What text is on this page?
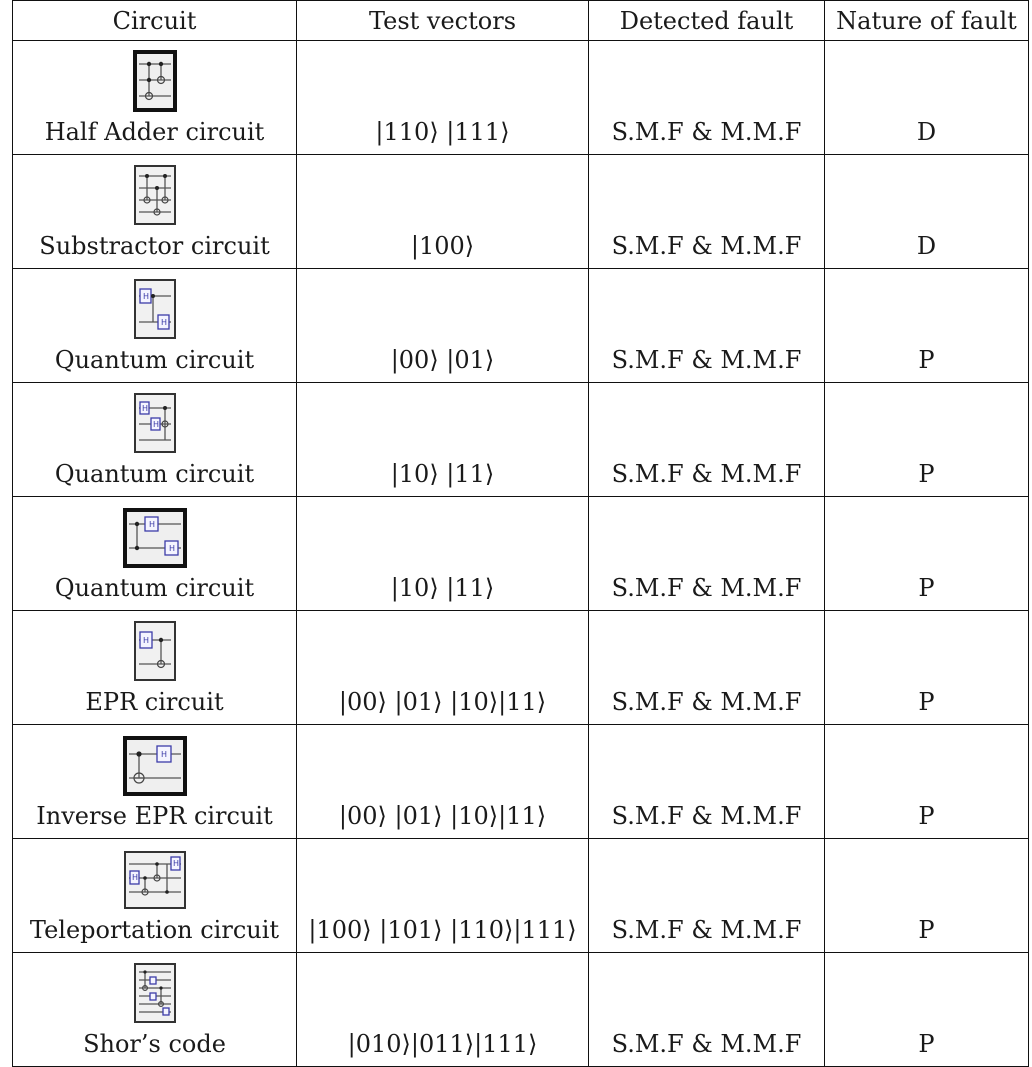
Circuit	Test vectors	Detected fault	Nature of fault

Half Adder circuit	|110⟩ |111⟩	S.M.F & M.M.F	D

Substractor circuit	|100⟩	S.M.F & M.M.F	D

H
H
Quantum circuit	|00⟩ |01⟩	S.M.F & M.M.F	P

H
H
Quantum circuit	|10⟩ |11⟩	S.M.F & M.M.F	P

H
H
Quantum circuit	|10⟩ |11⟩	S.M.F & M.M.F	P

H
EPR circuit	|00⟩ |01⟩ |10⟩|11⟩	S.M.F & M.M.F	P

H
Inverse EPR circuit	|00⟩ |01⟩ |10⟩|11⟩	S.M.F & M.M.F	P

H
H
Teleportation circuit	|100⟩ |101⟩ |110⟩|111⟩	S.M.F & M.M.F	P

Shor’s code	|010⟩|011⟩|111⟩	S.M.F & M.M.F	P
